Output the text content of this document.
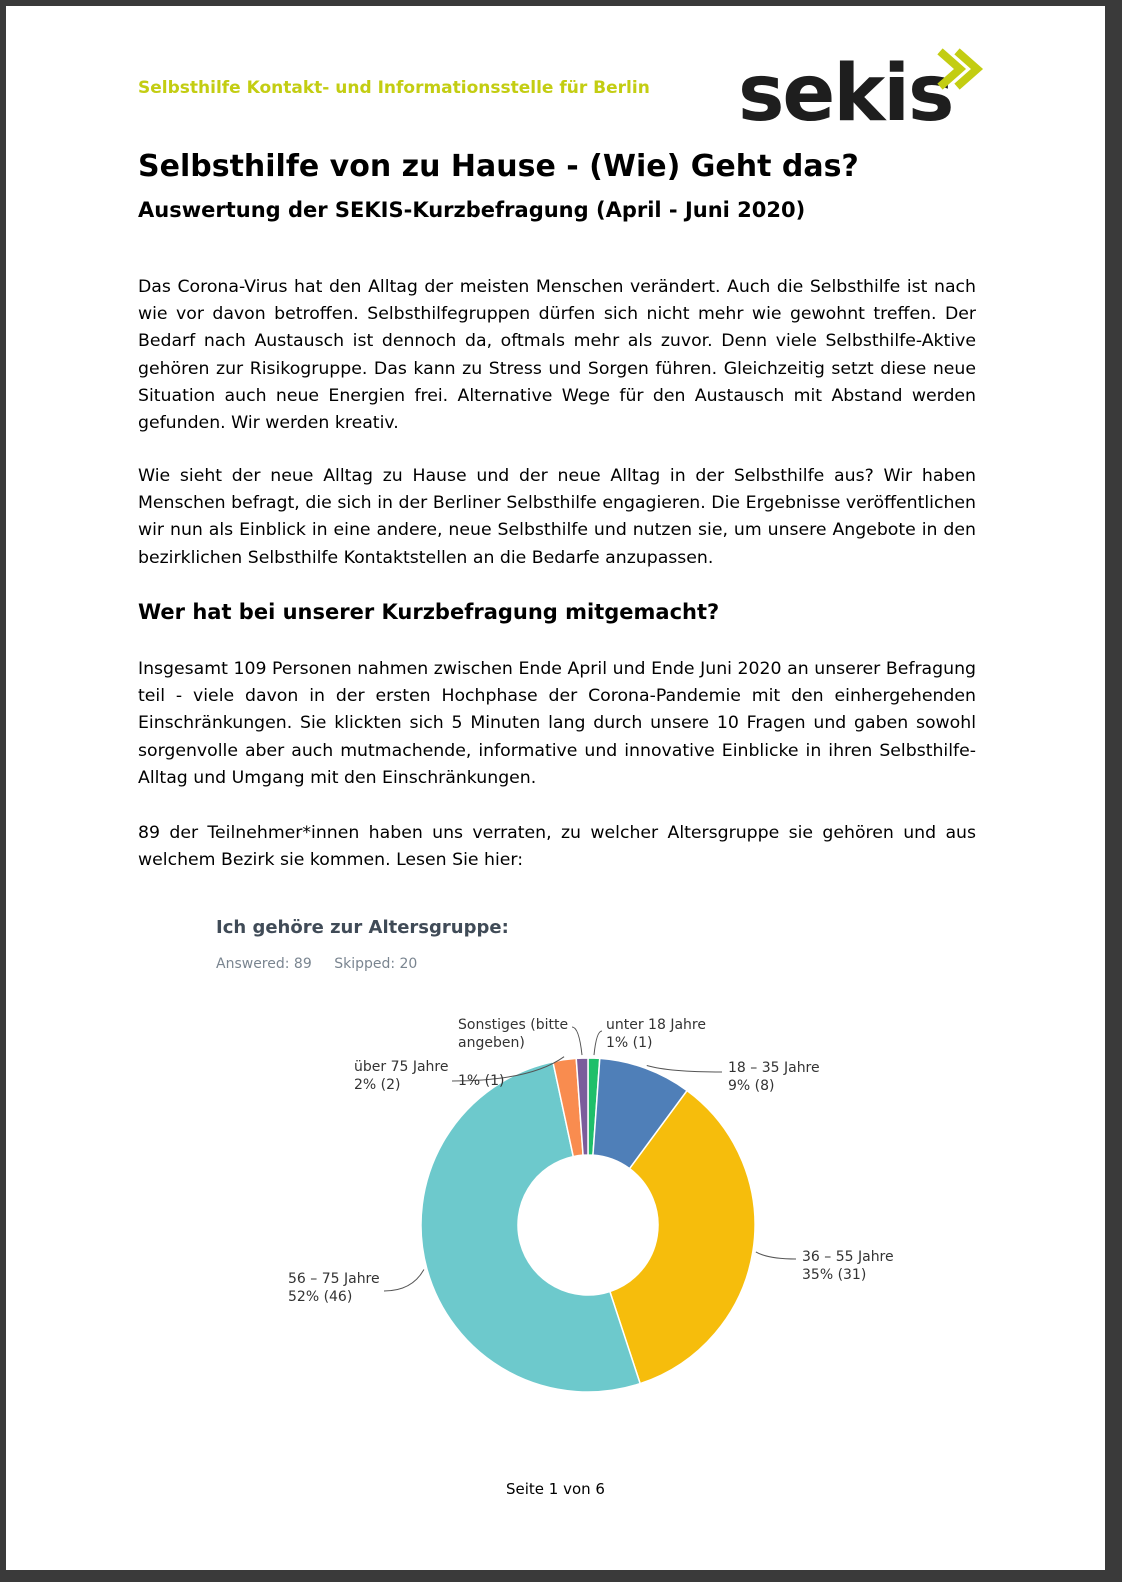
Selbsthilfe Kontakt- und Informationsstelle für Berlin sekis
Selbsthilfe von zu Hause - (Wie) Geht das?
Auswertung der SEKIS-Kurzbefragung (April - Juni 2020)

Das Corona-Virus hat den Alltag der meisten Menschen verändert. Auch die Selbsthilfe ist nach wie vor davon betroffen. Selbsthilfegruppen dürfen sich nicht mehr wie gewohnt treffen. Der Bedarf nach Austausch ist dennoch da, oftmals mehr als zuvor. Denn viele Selbsthilfe-Aktive gehören zur Risikogruppe. Das kann zu Stress und Sorgen führen. Gleichzeitig setzt diese neue Situation auch neue Energien frei. Alternative Wege für den Austausch mit Abstand werden gefunden. Wir werden kreativ.

Wie sieht der neue Alltag zu Hause und der neue Alltag in der Selbsthilfe aus? Wir haben Menschen befragt, die sich in der Berliner Selbsthilfe engagieren. Die Ergebnisse veröffentlichen wir nun als Einblick in eine andere, neue Selbsthilfe und nutzen sie, um unsere Angebote in den bezirklichen Selbsthilfe Kontaktstellen an die Bedarfe anzupassen.

Wer hat bei unserer Kurzbefragung mitgemacht?

Insgesamt 109 Personen nahmen zwischen Ende April und Ende Juni 2020 an unserer Befragung teil - viele davon in der ersten Hochphase der Corona-Pandemie mit den einhergehenden Einschränkungen. Sie klickten sich 5 Minuten lang durch unsere 10 Fragen und gaben sowohl sorgenvolle aber auch mutmachende, informative und innovative Einblicke in ihren Selbsthilfe-Alltag und Umgang mit den Einschränkungen.

89 der Teilnehmer*innen haben uns verraten, zu welcher Altersgruppe sie gehören und aus welchem Bezirk sie kommen. Lesen Sie hier:

Ich gehöre zur Altersgruppe:
Answered: 89 Skipped: 20
unter 18 Jahre 1% (1)
18 – 35 Jahre 9% (8)
36 – 55 Jahre 35% (31)
56 – 75 Jahre 52% (46)
über 75 Jahre 2% (2)	1% (1)
Sonstiges (bitte angeben)
Seite 1 von 6
